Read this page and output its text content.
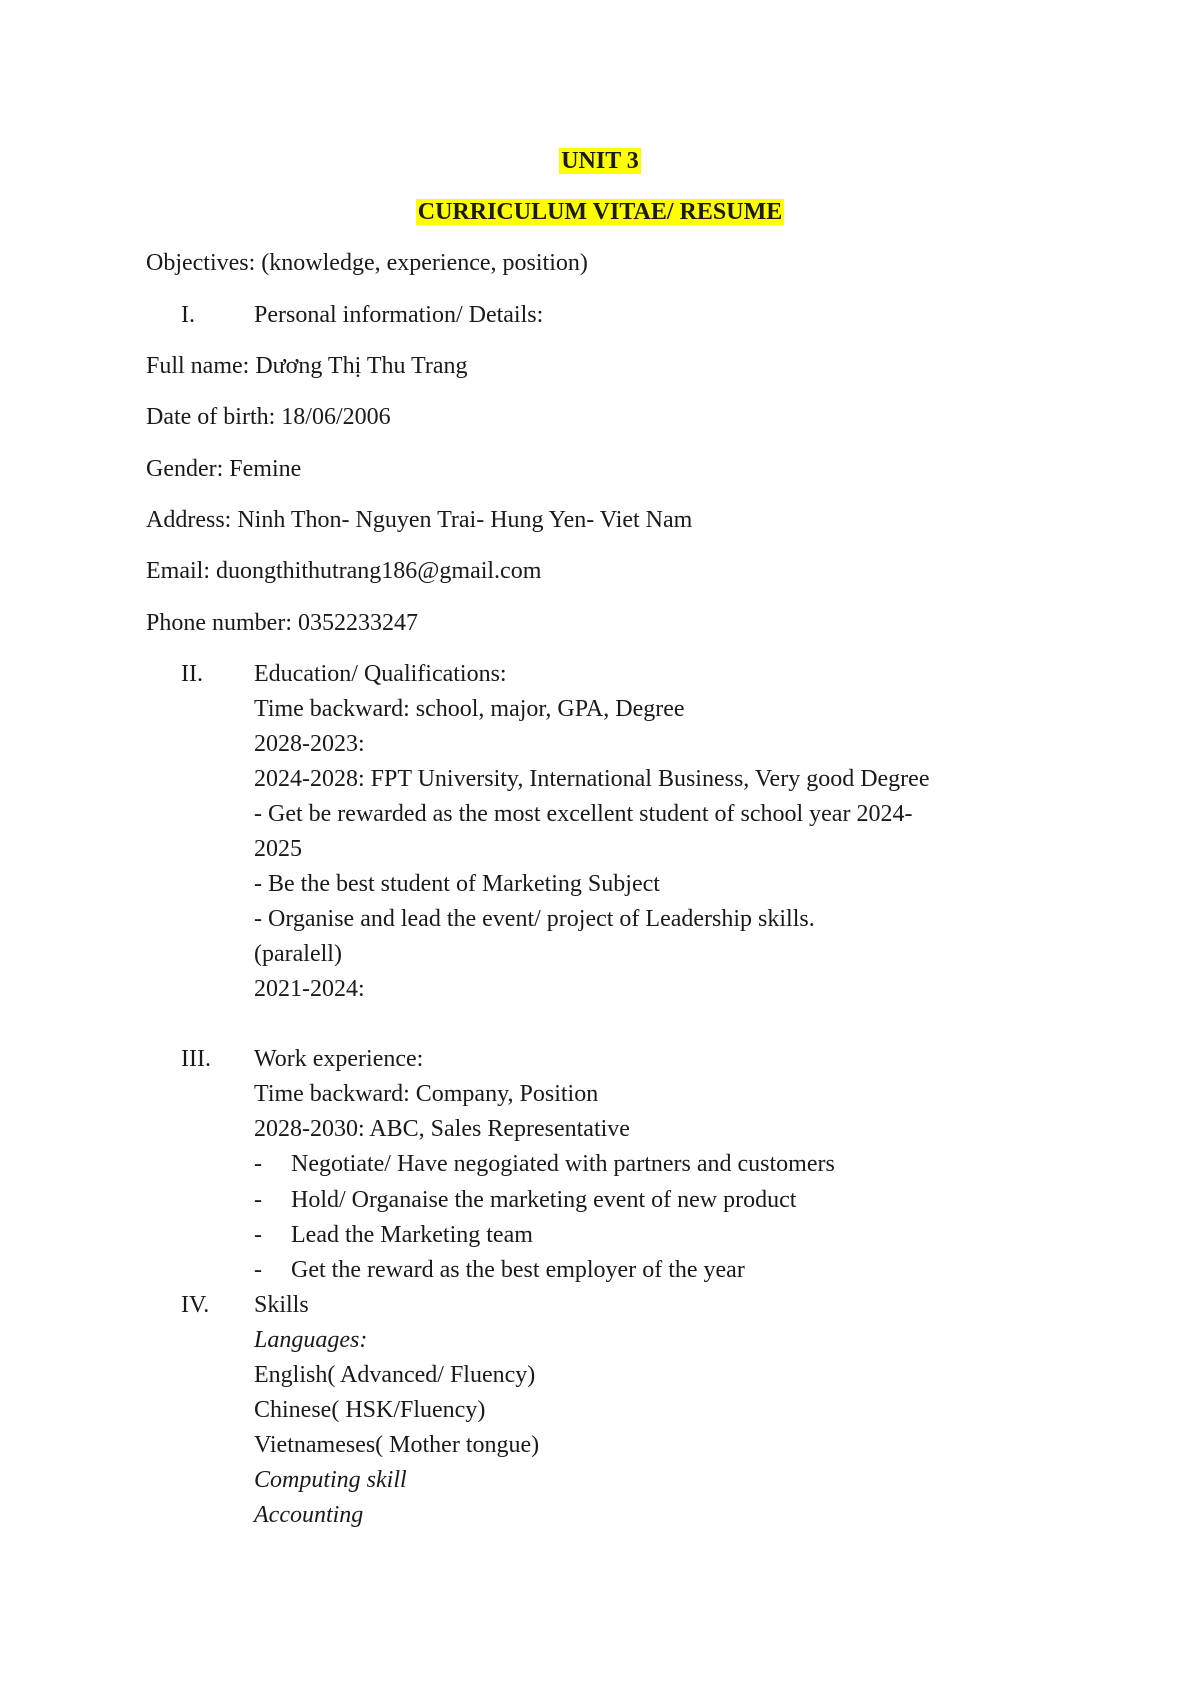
UNIT 3
CURRICULUM VITAE/ RESUME
Objectives: (knowledge, experience, position)
I. Personal information/ Details:
Full name: Dương Thị Thu Trang
Date of birth: 18/06/2006
Gender: Femine
Address: Ninh Thon- Nguyen Trai- Hung Yen- Viet Nam
Email: duongthithutrang186@gmail.com
Phone number: 0352233247
II. Education/ Qualifications:
Time backward: school, major, GPA, Degree
2028-2023:
2024-2028: FPT University, International Business, Very good Degree
- Get be rewarded as the most excellent student of school year 2024-
2025
- Be the best student of Marketing Subject
- Organise and lead the event/ project of Leadership skills.
(paralell)
2021-2024:
III. Work experience:
Time backward: Company, Position
2028-2030: ABC, Sales Representative
- Negotiate/ Have negogiated with partners and customers
- Hold/ Organaise the marketing event of new product
- Lead the Marketing team
- Get the reward as the best employer of the year
IV. Skills
Languages:
English( Advanced/ Fluency)
Chinese( HSK/Fluency)
Vietnameses( Mother tongue)
Computing skill
Accounting
